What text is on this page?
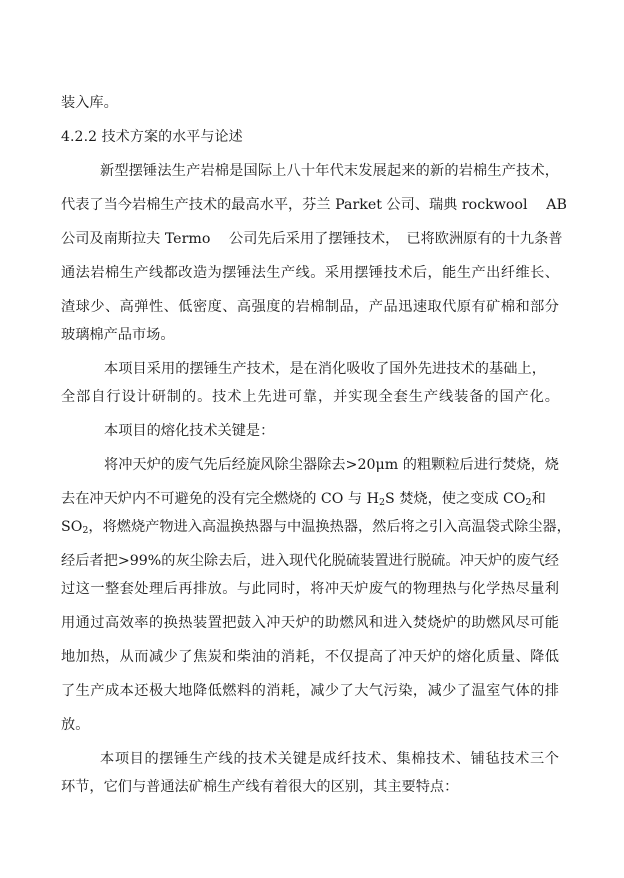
装入库。
4.2.2 技术方案的水平与论述
新型摆锤法生产岩棉是国际上八十年代末发展起来的新的岩棉生产技术，
代表了当今岩棉生产技术的最高水平，芬兰 Parket 公司、瑞典 rockwool　 AB
公司及南斯拉夫 Termo　 公司先后采用了摆锤技术，　已将欧洲原有的十九条普
通法岩棉生产线都改造为摆锤法生产线。采用摆锤技术后，能生产出纤维长、
渣球少、高弹性、低密度、高强度的岩棉制品，产品迅速取代原有矿棉和部分
玻璃棉产品市场。
本项目采用的摆锤生产技术，是在消化吸收了国外先进技术的基础上，
全部自行设计研制的。技术上先进可靠，并实现全套生产线装备的国产化。
本项目的熔化技术关键是：
将冲天炉的废气先后经旋风除尘器除去>20μm 的粗颗粒后进行焚烧，烧
去在冲天炉内不可避免的没有完全燃烧的 CO 与 $H_2S$ 焚烧，使之变成 $CO_2$和
$SO_2$，将燃烧产物进入高温换热器与中温换热器，然后将之引入高温袋式除尘器，
经后者把>99%的灰尘除去后，进入现代化脱硫装置进行脱硫。冲天炉的废气经
过这一整套处理后再排放。与此同时，将冲天炉废气的物理热与化学热尽量利
用通过高效率的换热装置把鼓入冲天炉的助燃风和进入焚烧炉的助燃风尽可能
地加热，从而减少了焦炭和柴油的消耗，不仅提高了冲天炉的熔化质量、降低
了生产成本还极大地降低燃料的消耗，减少了大气污染，减少了温室气体的排
放。
本项目的摆锤生产线的技术关键是成纤技术、集棉技术、铺毡技术三个
环节，它们与普通法矿棉生产线有着很大的区别，其主要特点：
